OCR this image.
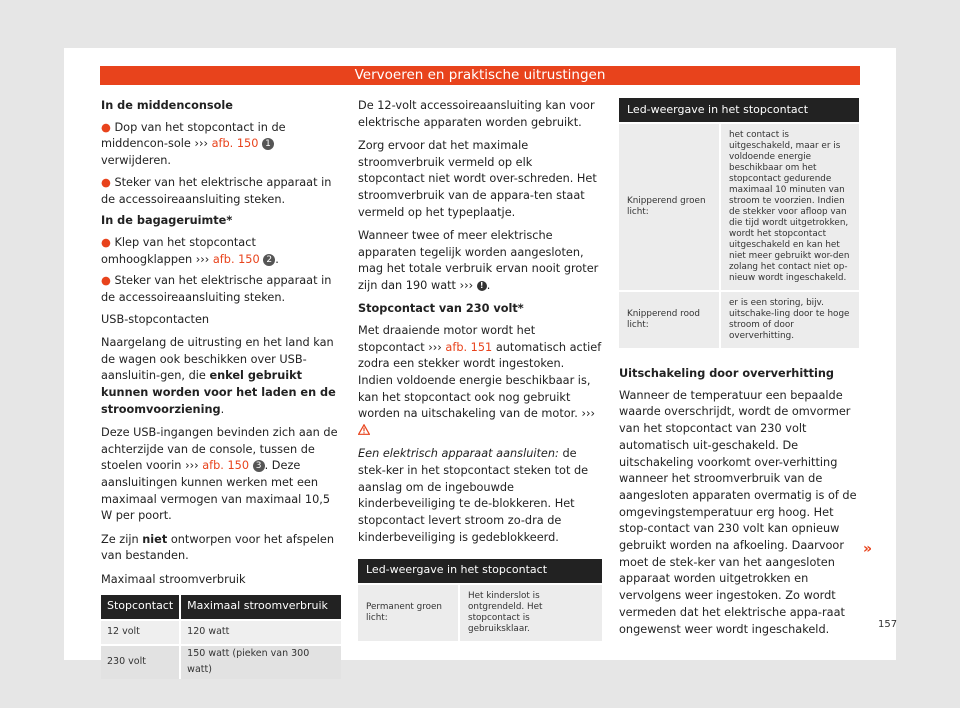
Vervoeren en praktische uitrustingen

In de middenconsole

● Dop van het stopcontact in de middencon-sole ››› afb. 150 1 verwijderen.

● Steker van het elektrische apparaat in de accessoireaansluiting steken.

In de bagageruimte*

● Klep van het stopcontact omhoogklappen ››› afb. 150 2 .

● Steker van het elektrische apparaat in de accessoireaansluiting steken.

USB-stopcontacten

Naargelang de uitrusting en het land kan de wagen ook beschikken over USB-aansluitin-gen, die enkel gebruikt kunnen worden voor het laden en de stroomvoorziening.

Deze USB-ingangen bevinden zich aan de achterzijde van de console, tussen de stoelen voorin ››› afb. 150 3 . Deze aansluitingen kunnen werken met een maximaal vermogen van maximaal 10,5 W per poort.

Ze zijn niet ontworpen voor het afspelen van bestanden.

Maximaal stroomverbruik

Stopcontact	Maximaal stroomverbruik
12 volt	120 watt
230 volt	150 watt (pieken van 300 watt)

De 12-volt accessoireaansluiting kan voor elektrische apparaten worden gebruikt.

Zorg ervoor dat het maximale stroomverbruik vermeld op elk stopcontact niet wordt over-schreden. Het stroomverbruik van de appara-ten staat vermeld op het typeplaatje.

Wanneer twee of meer elektrische apparaten tegelijk worden aangesloten, mag het totale verbruik ervan nooit groter zijn dan 190 watt ››› ! .

Stopcontact van 230 volt*

Met draaiende motor wordt het stopcontact ››› afb. 151 automatisch actief zodra een stekker wordt ingestoken. Indien voldoende energie beschikbaar is, kan het stopcontact ook nog gebruikt worden na uitschakeling van de motor. ›››

Een elektrisch apparaat aansluiten: de stek-ker in het stopcontact steken tot de aanslag om de ingebouwde kinderbeveiliging te de-blokkeren. Het stopcontact levert stroom zo-dra de kinderbeveiliging is gedeblokkeerd.

Led-weergave in het stopcontact
Permanent groen licht:	Het kinderslot is ontgrendeld. Het stopcontact is gebruiksklaar.
Led-weergave in het stopcontact	
Knipperend groen licht:	het contact is uitgeschakeld, maar er is voldoende energie beschikbaar om het stopcontact gedurende maximaal 10 minuten van stroom te voorzien. Indien de stekker voor afloop van die tijd wordt uitgetrokken, wordt het stopcontact uitgeschakeld en kan het niet meer gebruikt wor-den zolang het contact niet op-nieuw wordt ingeschakeld.
Knipperend rood licht:	er is een storing, bijv. uitschake-ling door te hoge stroom of door oververhitting.

Uitschakeling door oververhitting

Wanneer de temperatuur een bepaalde waarde overschrijdt, wordt de omvormer van het stopcontact van 230 volt automatisch uit-geschakeld. De uitschakeling voorkomt over-verhitting wanneer het stroomverbruik van de aangesloten apparaten overmatig is of de omgevingstemperatuur erg hoog. Het stop-contact van 230 volt kan opnieuw gebruikt worden na afkoeling. Daarvoor moet de stek-ker van het aangesloten apparaat worden uitgetrokken en vervolgens weer ingestoken. Zo wordt vermeden dat het elektrische appa-raat ongewenst weer wordt ingeschakeld.

»
157
